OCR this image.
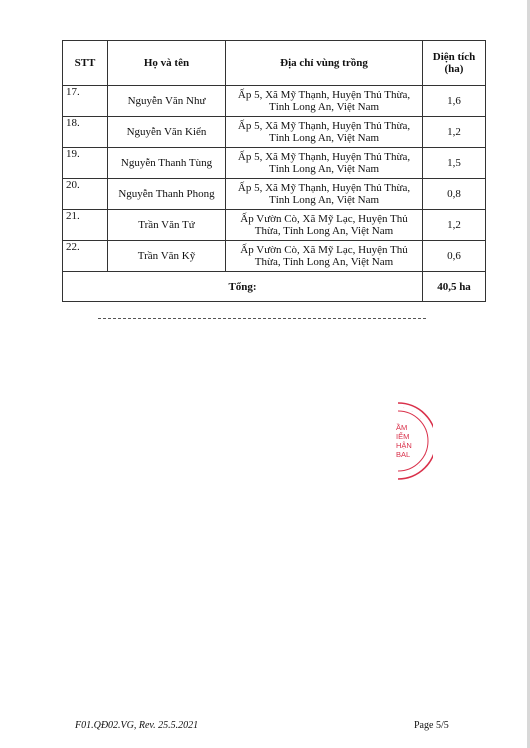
STT	Họ và tên	Địa chỉ vùng trồng	Diện tích
(ha)
17.	Nguyễn Văn Như	Ấp 5, Xã Mỹ Thạnh, Huyện Thủ Thừa,
Tỉnh Long An, Việt Nam	1,6
18.	Nguyễn Văn Kiển	Ấp 5, Xã Mỹ Thạnh, Huyện Thủ Thừa,
Tỉnh Long An, Việt Nam	1,2
19.	Nguyễn Thanh Tùng	Ấp 5, Xã Mỹ Thạnh, Huyện Thủ Thừa,
Tỉnh Long An, Việt Nam	1,5
20.	Nguyễn Thanh Phong	Ấp 5, Xã Mỹ Thạnh, Huyện Thủ Thừa,
Tỉnh Long An, Việt Nam	0,8
21.	Trần Văn Tứ	Ấp Vườn Cò, Xã Mỹ Lạc, Huyện Thủ
Thừa, Tỉnh Long An, Việt Nam	1,2
22.	Trần Văn Kỹ	Ấp Vườn Cò, Xã Mỹ Lạc, Huyện Thủ
Thừa, Tỉnh Long An, Việt Nam	0,6
Tổng:			40,5 ha
·
·
·
·
·
·
·
·
ẦM
IỂM
HẬN
BAL
F01.QĐ02.VG, Rev. 25.5.2021	Page 5/5
